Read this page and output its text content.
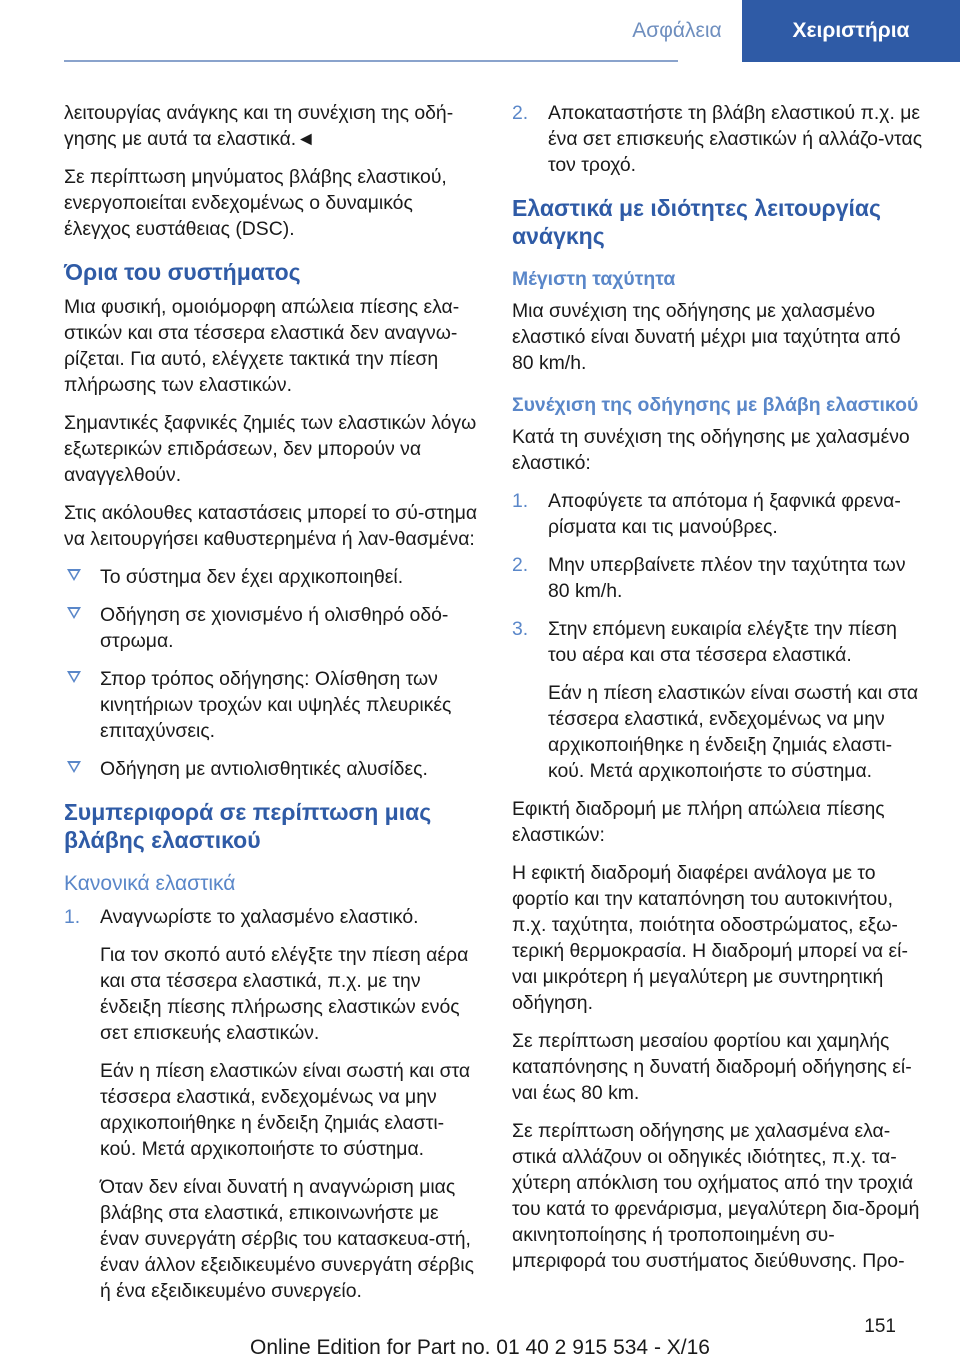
Ασφάλεια	Χειριστήρια

λειτουργίας ανάγκης και τη συνέχιση της οδή-γησης με αυτά τα ελαστικά.◄

Σε περίπτωση μηνύματος βλάβης ελαστικού, ενεργοποιείται ενδεχομένως ο δυναμικός έλεγχος ευστάθειας (DSC).

Όρια του συστήματος

Μια φυσική, ομοιόμορφη απώλεια πίεσης ελα-στικών και στα τέσσερα ελαστικά δεν αναγνω-ρίζεται. Για αυτό, ελέγχετε τακτικά την πίεση πλήρωσης των ελαστικών.

Σημαντικές ξαφνικές ζημιές των ελαστικών λόγω εξωτερικών επιδράσεων, δεν μπορούν να αναγγελθούν.

Στις ακόλουθες καταστάσεις μπορεί το σύ-στημα να λειτουργήσει καθυστερημένα ή λαν-θασμένα:

Το σύστημα δεν έχει αρχικοποιηθεί.
Οδήγηση σε χιονισμένο ή ολισθηρό οδό-στρωμα.
Σπορ τρόπος οδήγησης: Ολίσθηση των κινητήριων τροχών και υψηλές πλευρικές επιταχύνσεις.
Οδήγηση με αντιολισθητικές αλυσίδες.
Συμπεριφορά σε περίπτωση μιας βλάβης ελαστικού
Κανονικά ελαστικά
1. Αναγνωρίστε το χαλασμένο ελαστικό.

Για τον σκοπό αυτό ελέγξτε την πίεση αέρα και στα τέσσερα ελαστικά, π.χ. με την ένδειξη πίεσης πλήρωσης ελαστικών ενός σετ επισκευής ελαστικών.

Εάν η πίεση ελαστικών είναι σωστή και στα τέσσερα ελαστικά, ενδεχομένως να μην αρχικοποιήθηκε η ένδειξη ζημιάς ελαστι-κού. Μετά αρχικοποιήστε το σύστημα.

Όταν δεν είναι δυνατή η αναγνώριση μιας βλάβης στα ελαστικά, επικοινωνήστε με έναν συνεργάτη σέρβις του κατασκευα-στή, έναν άλλον εξειδικευμένο συνεργάτη σέρβις ή ένα εξειδικευμένο συνεργείο.

2. Αποκαταστήστε τη βλάβη ελαστικού π.χ. με ένα σετ επισκευής ελαστικών ή αλλάζο-ντας τον τροχό.
Ελαστικά με ιδιότητες λειτουργίας ανάγκης
Μέγιστη ταχύτητα

Μια συνέχιση της οδήγησης με χαλασμένο ελαστικό είναι δυνατή μέχρι μια ταχύτητα από 80 km/h.

Συνέχιση της οδήγησης με βλάβη ελαστικού

Κατά τη συνέχιση της οδήγησης με χαλασμένο ελαστικό:

1. Αποφύγετε τα απότομα ή ξαφνικά φρενα-ρίσματα και τις μανούβρες.
2. Μην υπερβαίνετε πλέον την ταχύτητα των 80 km/h.
3. Στην επόμενη ευκαιρία ελέγξτε την πίεση του αέρα και στα τέσσερα ελαστικά.

Εάν η πίεση ελαστικών είναι σωστή και στα τέσσερα ελαστικά, ενδεχομένως να μην αρχικοποιήθηκε η ένδειξη ζημιάς ελαστι-κού. Μετά αρχικοποιήστε το σύστημα.

Εφικτή διαδρομή με πλήρη απώλεια πίεσης ελαστικών:

Η εφικτή διαδρομή διαφέρει ανάλογα με το φορτίο και την καταπόνηση του αυτοκινήτου, π.χ. ταχύτητα, ποιότητα οδοστρώματος, εξω-τερική θερμοκρασία. Η διαδρομή μπορεί να εί-ναι μικρότερη ή μεγαλύτερη με συντηρητική οδήγηση.

Σε περίπτωση μεσαίου φορτίου και χαμηλής καταπόνησης η δυνατή διαδρομή οδήγησης εί-ναι έως 80 km.

Σε περίπτωση οδήγησης με χαλασμένα ελα-στικά αλλάζουν οι οδηγικές ιδιότητες, π.χ. τα-χύτερη απόκλιση του οχήματος από την τροχιά του κατά το φρενάρισμα, μεγαλύτερη δια-δρομή ακινητοποίησης ή τροποποιημένη συ-μπεριφορά του συστήματος διεύθυνσης. Προ-

151
Online Edition for Part no. 01 40 2 915 534 - X/16
